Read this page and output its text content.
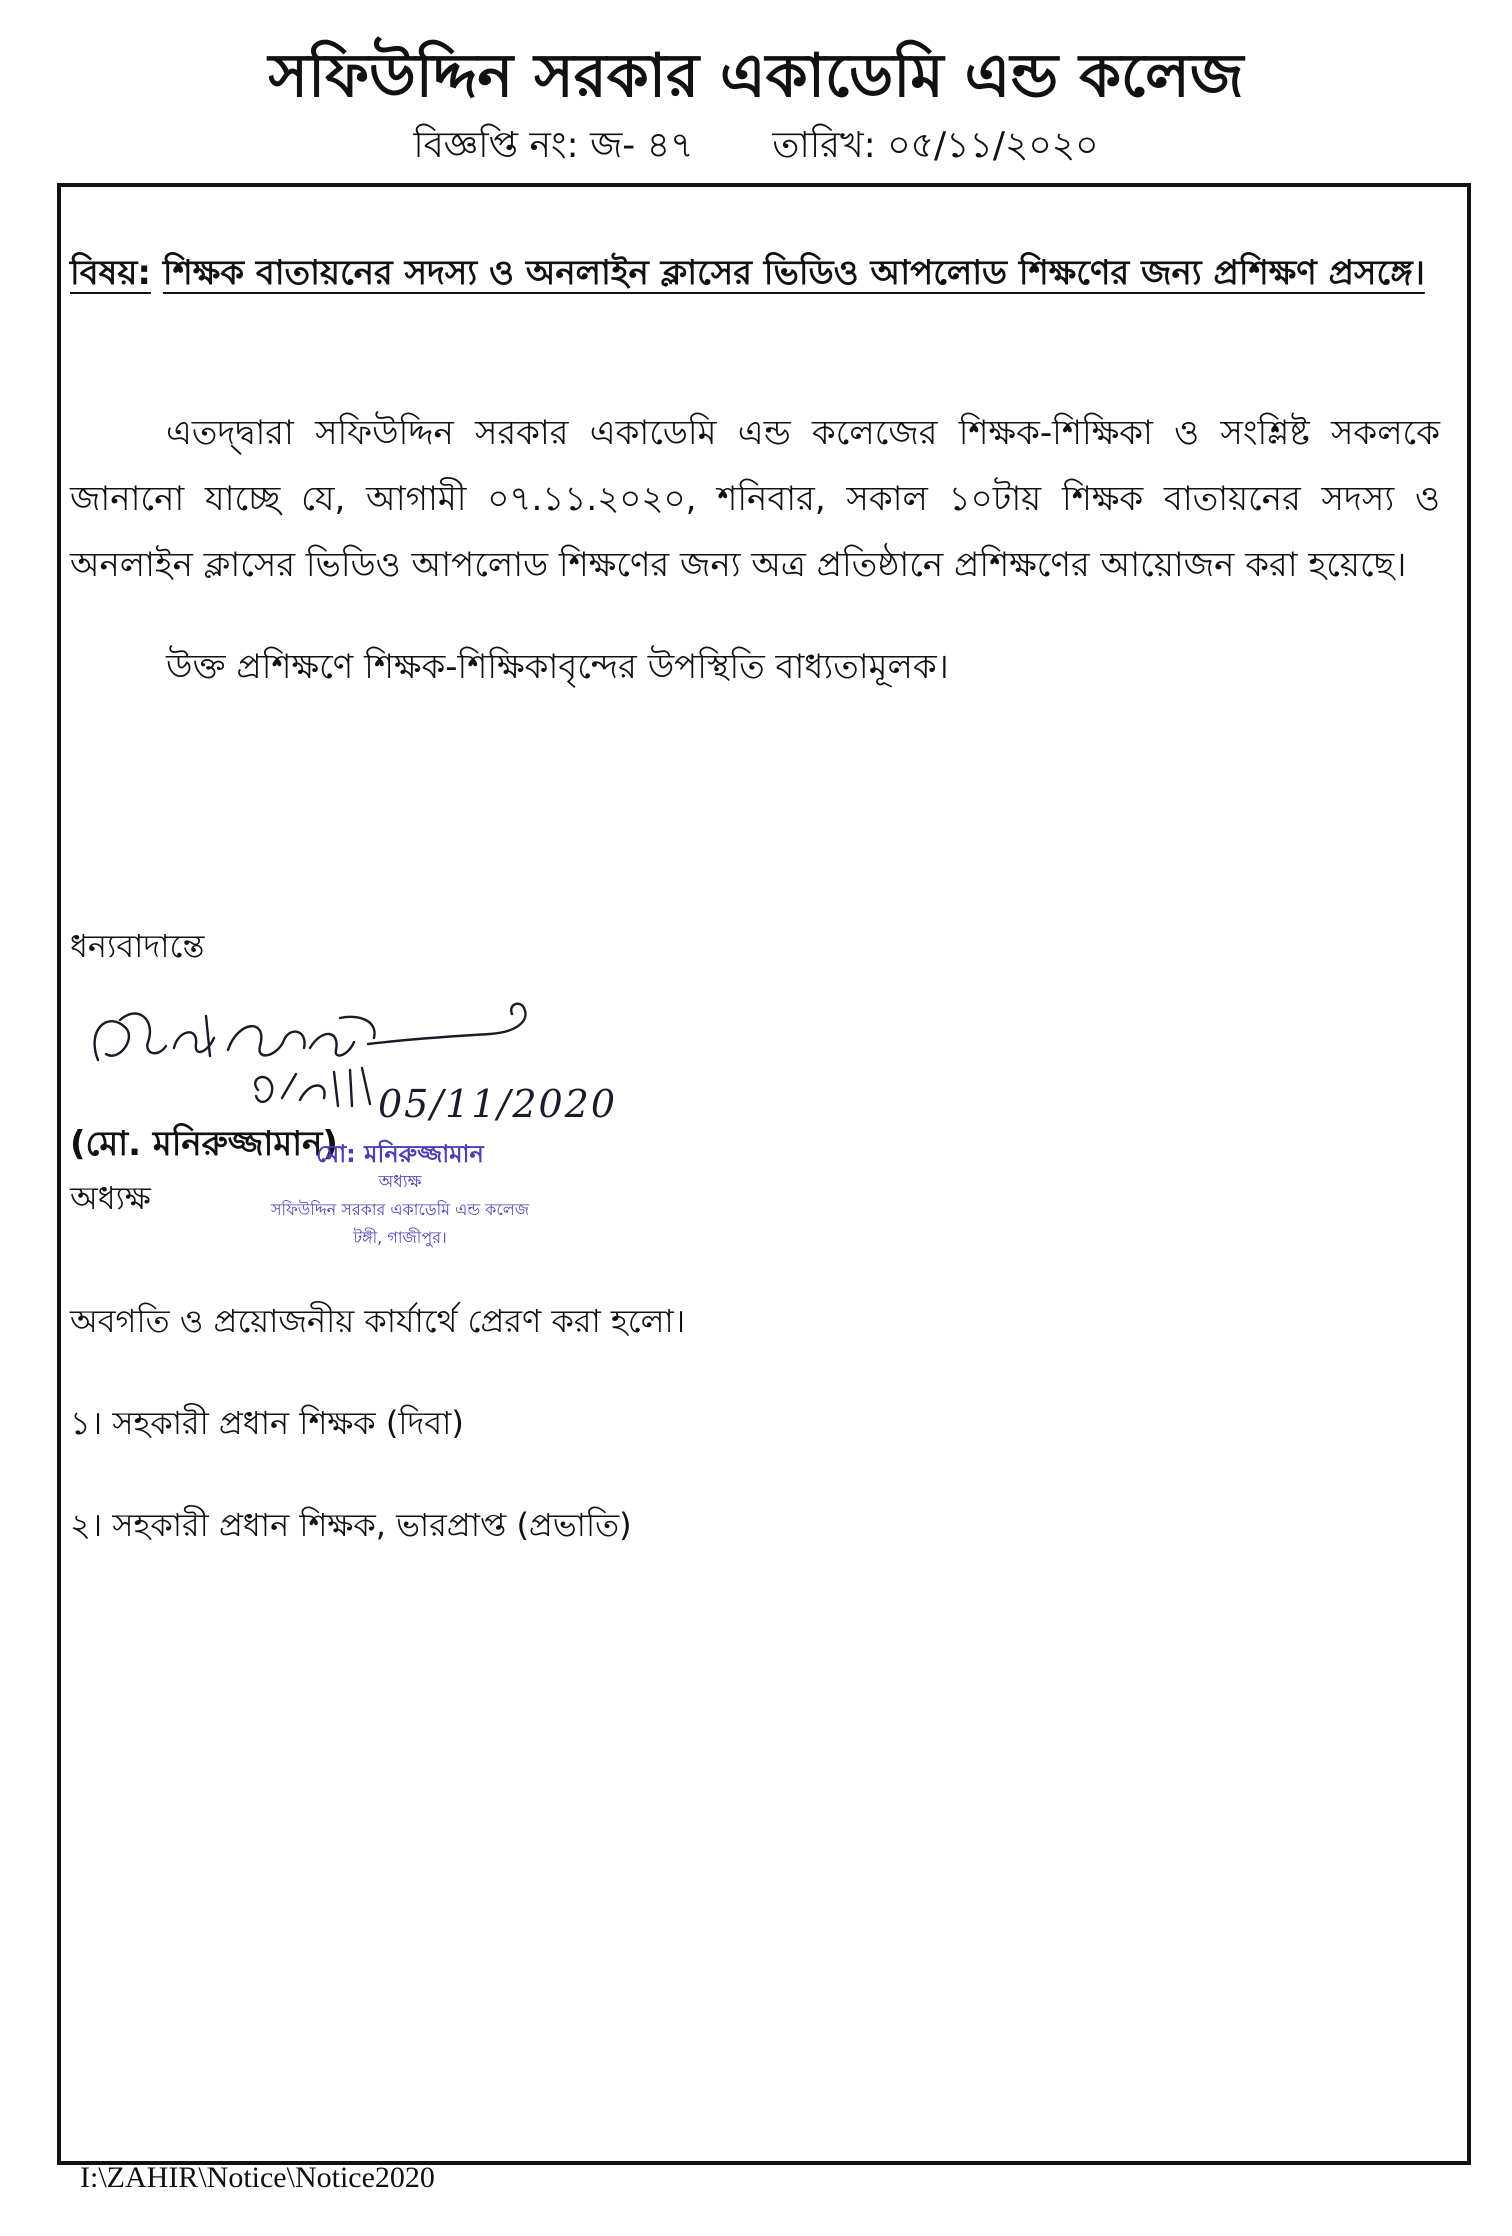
সফিউদ্দিন সরকার একাডেমি এন্ড কলেজ
বিজ্ঞপ্তি নং: জ- ৪৭ তারিখ: ০৫/১১/২০২০
বিষয়: শিক্ষক বাতায়নের সদস্য ও অনলাইন ক্লাসের ভিডিও আপলোড শিক্ষণের জন্য প্রশিক্ষণ প্রসঙ্গে।
এতদ্দ্বারা সফিউদ্দিন সরকার একাডেমি এন্ড কলেজের শিক্ষক-শিক্ষিকা ও সংশ্লিষ্ট সকলকে জানানো যাচ্ছে যে, আগামী ০৭.১১.২০২০, শনিবার, সকাল ১০টায় শিক্ষক বাতায়নের সদস্য ও অনলাইন ক্লাসের ভিডিও আপলোড শিক্ষণের জন্য অত্র প্রতিষ্ঠানে প্রশিক্ষণের আয়োজন করা হয়েছে।
উক্ত প্রশিক্ষণে শিক্ষক-শিক্ষিকাবৃন্দের উপস্থিতি বাধ্যতামূলক।
ধন্যবাদান্তে
05/11/2020
(মো. মনিরুজ্জামান)
অধ্যক্ষ
মো: মনিরুজ্জামান
অধ্যক্ষ
সফিউদ্দিন সরকার একাডেমি এন্ড কলেজ
টঙ্গী, গাজীপুর।
অবগতি ও প্রয়োজনীয় কার্যার্থে প্রেরণ করা হলো।
১। সহকারী প্রধান শিক্ষক (দিবা)
২। সহকারী প্রধান শিক্ষক, ভারপ্রাপ্ত (প্রভাতি)
I:\ZAHIR\Notice\Notice2020
